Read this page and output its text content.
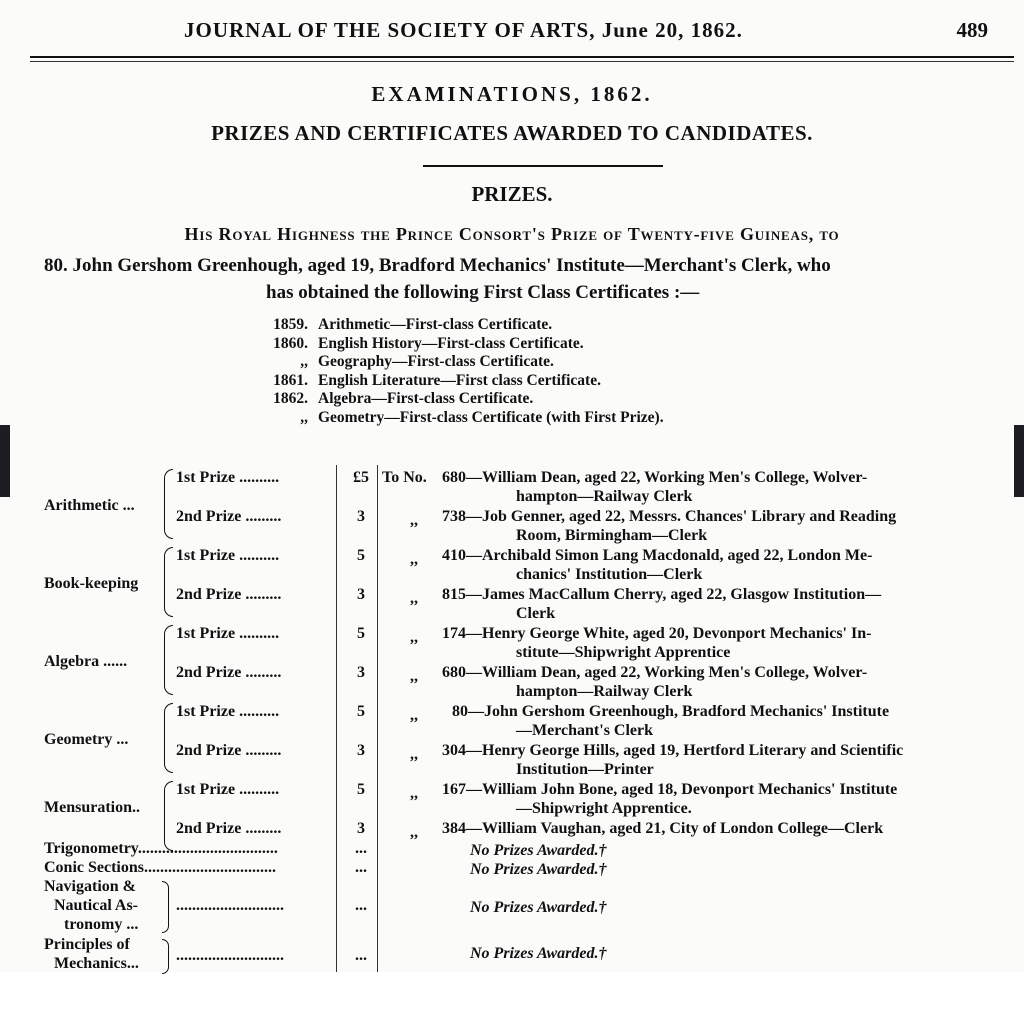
JOURNAL OF THE SOCIETY OF ARTS, June 20, 1862.	489
EXAMINATIONS, 1862.
PRIZES AND CERTIFICATES AWARDED TO CANDIDATES.
PRIZES.
His Royal Highness the Prince Consort's Prize of Twenty-five Guineas, to
80. John Gershom Greenhough, aged 19, Bradford Mechanics' Institute—Merchant's Clerk, who
has obtained the following First Class Certificates :—
1859. Arithmetic—First-class Certificate.
1860. English History—First-class Certificate.
,, Geography—First-class Certificate.
1861. English Literature—First class Certificate.
1862. Algebra—First-class Certificate.
,, Geometry—First-class Certificate (with First Prize).
Arithmetic ...
1st Prize ..........	£5 To No. 680—William Dean, aged 22, Working Men's College, Wolver-
hampton—Railway Clerk
2nd Prize .........	3	,, 738—Job Genner, aged 22, Messrs. Chances' Library and Reading
Room, Birmingham—Clerk
Book-keeping
1st Prize ..........	5	,, 410—Archibald Simon Lang Macdonald, aged 22, London Me-
chanics' Institution—Clerk
2nd Prize .........	3	,, 815—James MacCallum Cherry, aged 22, Glasgow Institution—
Clerk
Algebra ......
1st Prize ..........	5	,, 174—Henry George White, aged 20, Devonport Mechanics' In-
stitute—Shipwright Apprentice
2nd Prize .........	3	,, 680—William Dean, aged 22, Working Men's College, Wolver-
hampton—Railway Clerk
Geometry ...
1st Prize ..........	5	,, 80—John Gershom Greenhough, Bradford Mechanics' Institute
—Merchant's Clerk
2nd Prize .........	3	,, 304—Henry George Hills, aged 19, Hertford Literary and Scientific
Institution—Printer
Mensuration..
1st Prize ..........	5	,, 167—William John Bone, aged 18, Devonport Mechanics' Institute
—Shipwright Apprentice.
2nd Prize .........	3	,, 384—William Vaughan, aged 21, City of London College—Clerk
Trigonometry...................................	...	No Prizes Awarded.†
Conic Sections.................................	...	No Prizes Awarded.†
Navigation &
Nautical As-
tronomy ...
...........................	...	No Prizes Awarded.†
Principles of
Mechanics... ...........................	...	No Prizes Awarded.†
